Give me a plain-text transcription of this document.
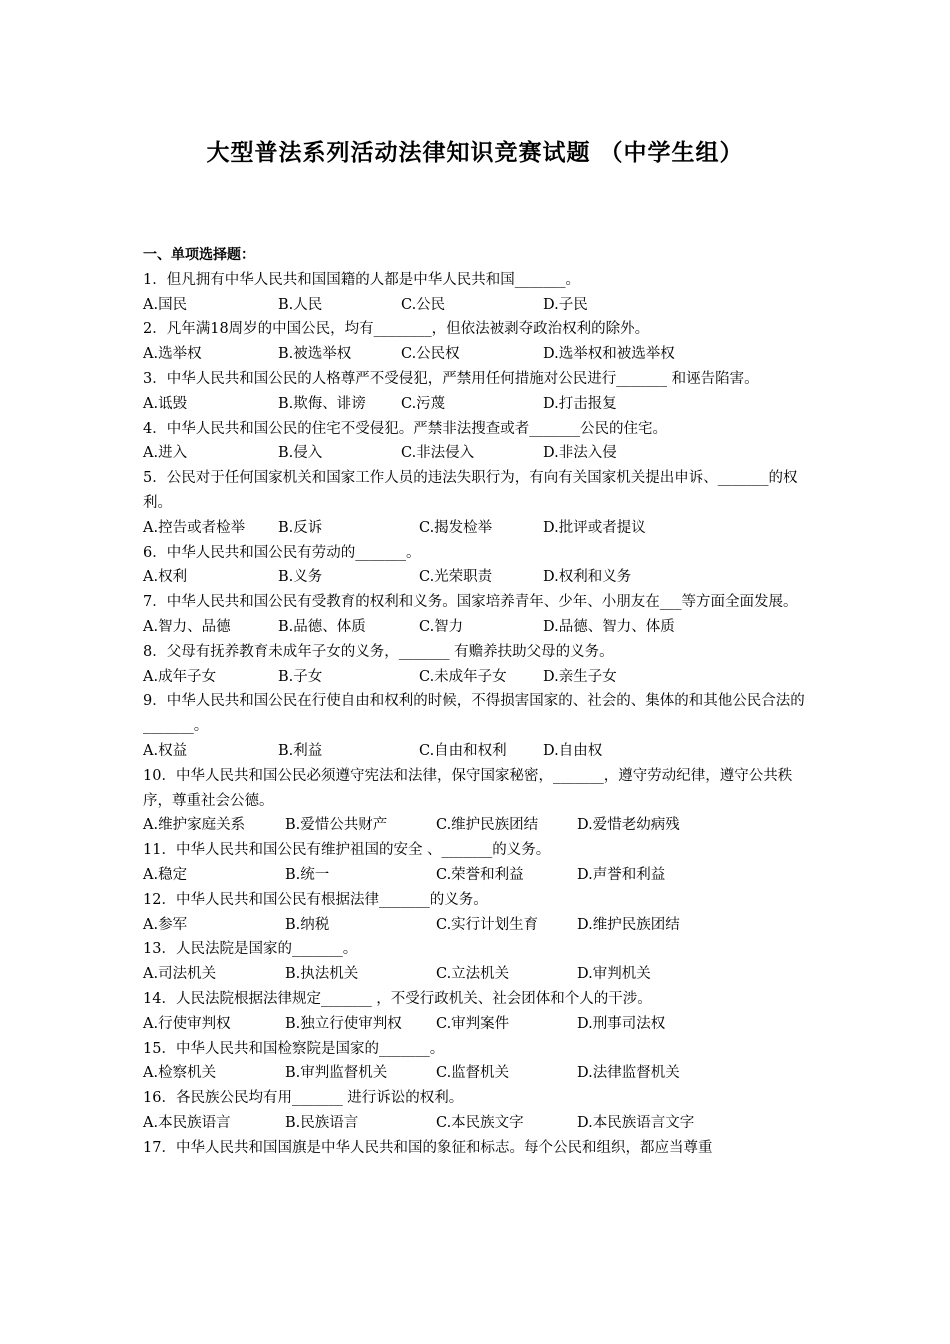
大型普法系列活动法律知识竞赛试题 （中学生组）
一、单项选择题：
1．但凡拥有中华人民共和国国籍的人都是中华人民共和国_______。
A.国民	B.人民	C.公民	D.子民
2．凡年满18周岁的中国公民，均有________，但依法被剥夺政治权利的除外。
A.选举权	B.被选举权	C.公民权	D.选举权和被选举权
3．中华人民共和国公民的人格尊严不受侵犯，严禁用任何措施对公民进行_______ 和诬告陷害。
A.诋毁	B.欺侮、诽谤 C.污蔑	D.打击报复
4．中华人民共和国公民的住宅不受侵犯。严禁非法搜查或者_______公民的住宅。
A.进入	B.侵入	C.非法侵入	D.非法入侵
5．公民对于任何国家机关和国家工作人员的违法失职行为，有向有关国家机关提出申诉、_______的权利。
A.控告或者检举 B.反诉	C.揭发检举	D.批评或者提议
6．中华人民共和国公民有劳动的_______。
A.权利	B.义务	C.光荣职责	D.权利和义务
7．中华人民共和国公民有受教育的权利和义务。国家培养青年、少年、小朋友在___等方面全面发展。
A.智力、品德	B.品德、体质	C.智力	D.品德、智力、体质
8．父母有抚养教育未成年子女的义务，_______ 有赡养扶助父母的义务。
A.成年子女	B.子女	C.未成年子女	D.亲生子女
9．中华人民共和国公民在行使自由和权利的时候，不得损害国家的、社会的、集体的和其他公民合法的_______。
A.权益	B.利益	C.自由和权利	D.自由权
10．中华人民共和国公民必须遵守宪法和法律，保守国家秘密，_______，遵守劳动纪律，遵守公共秩序，尊重社会公德。
A.维护家庭关系	B.爱惜公共财产	C.维护民族团结	D.爱惜老幼病残
11．中华人民共和国公民有维护祖国的安全 、_______的义务。
A.稳定	B.统一	C.荣誉和利益	D.声誉和利益
12．中华人民共和国公民有根据法律_______的义务。
A.参军	B.纳税	C.实行计划生育	D.维护民族团结
13．人民法院是国家的_______。
A.司法机关	B.执法机关	C.立法机关	D.审判机关
14．人民法院根据法律规定_______ ，不受行政机关、社会团体和个人的干涉。
A.行使审判权	B.独立行使审判权 C.审判案件	D.刑事司法权
15．中华人民共和国检察院是国家的_______。
A.检察机关	B.审判监督机关	C.监督机关	D.法律监督机关
16．各民族公民均有用_______ 进行诉讼的权利。
A.本民族语言	B.民族语言	C.本民族文字	D.本民族语言文字
17．中华人民共和国国旗是中华人民共和国的象征和标志。每个公民和组织，都应当尊重
